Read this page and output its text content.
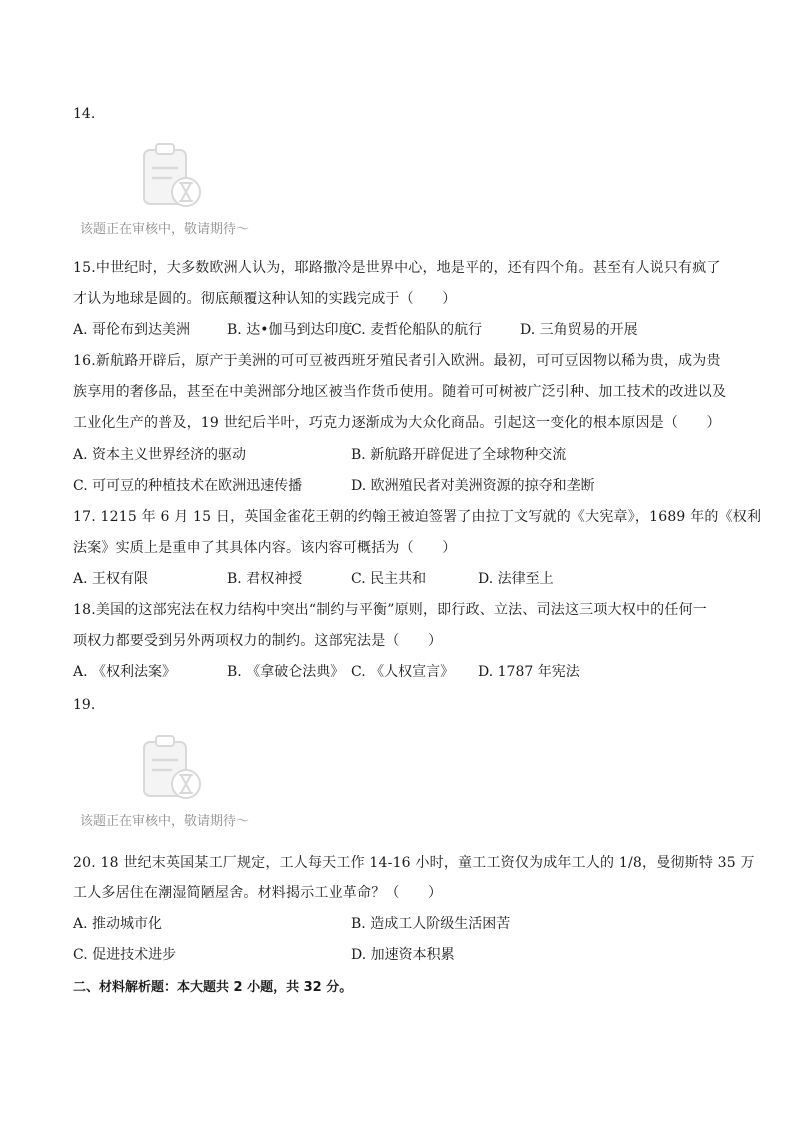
14.
该题正在审核中，敬请期待～
15.中世纪时，大多数欧洲人认为，耶路撒冷是世界中心，地是平的，还有四个角。甚至有人说只有疯了
才认为地球是圆的。彻底颠覆这种认知的实践完成于（　　）
A. 哥伦布到达美洲	B. 达•伽马到达印度
C. 麦哲伦船队的航行	D. 三角贸易的开展
16.新航路开辟后，原产于美洲的可可豆被西班牙殖民者引入欧洲。最初，可可豆因物以稀为贵，成为贵
族享用的奢侈品，甚至在中美洲部分地区被当作货币使用。随着可可树被广泛引种、加工技术的改进以及
工业化生产的普及，19 世纪后半叶，巧克力逐渐成为大众化商品。引起这一变化的根本原因是（　　）
A. 资本主义世界经济的驱动	B. 新航路开辟促进了全球物种交流
C. 可可豆的种植技术在欧洲迅速传播	D. 欧洲殖民者对美洲资源的掠夺和垄断
17. 1215 年 6 月 15 日，英国金雀花王朝的约翰王被迫签署了由拉丁文写就的《大宪章》，1689 年的《权利
法案》实质上是重申了其具体内容。该内容可概括为（　　）
A. 王权有限	B. 君权神授	C. 民主共和	D. 法律至上
18.美国的这部宪法在权力结构中突出“制约与平衡”原则，即行政、立法、司法这三项大权中的任何一
项权力都要受到另外两项权力的制约。这部宪法是（　　）
A. 《权利法案》	B. 《拿破仑法典》 C. 《人权宣言》 D. 1787 年宪法
19.
该题正在审核中，敬请期待～
20. 18 世纪末英国某工厂规定，工人每天工作 14-16 小时，童工工资仅为成年工人的 1/8，曼彻斯特 35 万
工人多居住在潮湿简陋屋舍。材料揭示工业革命？（　　）
A. 推动城市化	B. 造成工人阶级生活困苦
C. 促进技术进步	D. 加速资本积累
二、材料解析题：本大题共 2 小题，共 32 分。
